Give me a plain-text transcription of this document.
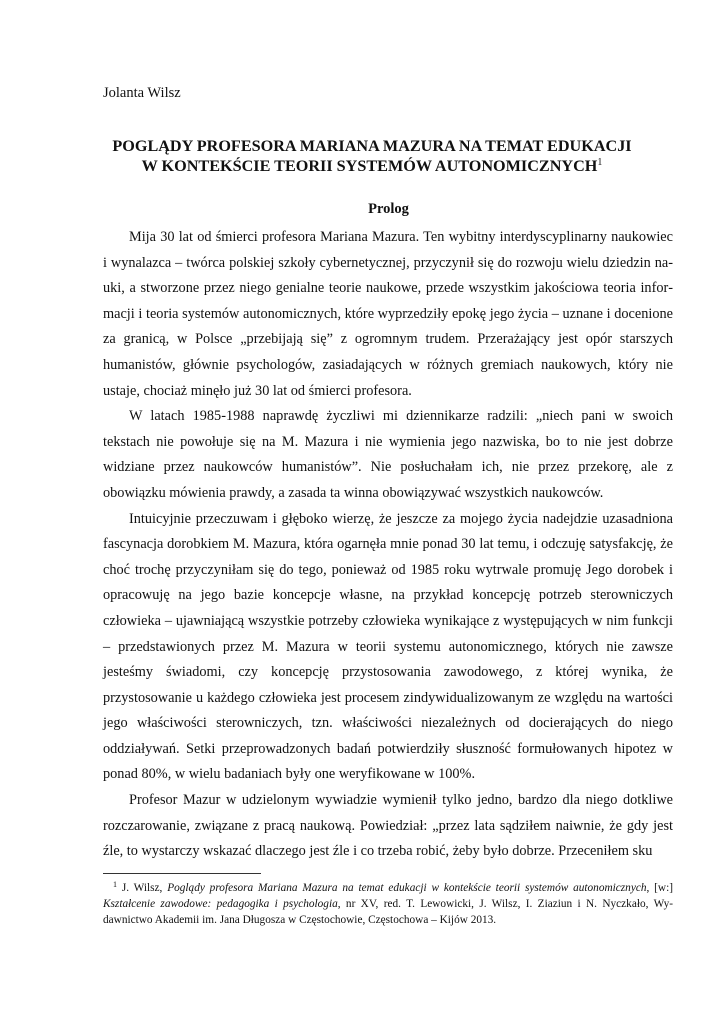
Jolanta Wilsz

POGLĄDY PROFESORA MARIANA MAZURA NA TEMAT EDUKACJI
W KONTEKŚCIE TEORII SYSTEMÓW AUTONOMICZNYCH$^1$
Prolog

Mija 30 lat od śmierci profesora Mariana Mazura. Ten wybitny interdyscyplinarny naukowiec i wynalazca – twórca polskiej szkoły cybernetycznej, przyczynił się do rozwoju wielu dziedzin nauki, a stworzone przez niego genialne teorie naukowe, przede wszystkim jakościowa teoria informacji i teoria systemów autonomicznych, które wyprzedziły epokę jego życia – uznane i docenione za granicą, w Polsce „przebijają się” z ogromnym trudem. Przerażający jest opór starszych humanistów, głównie psychologów, zasiadających w różnych gremiach naukowych, który nie ustaje, chociaż minęło już 30 lat od śmierci profesora.

W latach 1985-1988 naprawdę życzliwi mi dziennikarze radzili: „niech pani w swoich tekstach nie powołuje się na M. Mazura i nie wymienia jego nazwiska, bo to nie jest dobrze widziane przez naukowców humanistów”. Nie posłuchałam ich, nie przez przekorę, ale z obowiązku mówienia prawdy, a zasada ta winna obowiązywać wszystkich naukowców.

Intuicyjnie przeczuwam i głęboko wierzę, że jeszcze za mojego życia nadejdzie uzasadniona fascynacja dorobkiem M. Mazura, która ogarnęła mnie ponad 30 lat temu, i odczuję satysfakcję, że choć trochę przyczyniłam się do tego, ponieważ od 1985 roku wytrwale promuję Jego dorobek i opracowuję na jego bazie koncepcje własne, na przykład koncepcję potrzeb sterowniczych człowieka – ujawniającą wszystkie potrzeby człowieka wynikające z występujących w nim funkcji – przedstawionych przez M. Mazura w teorii systemu autonomicznego, których nie zawsze jesteśmy świadomi, czy koncepcję przystosowania zawodowego, z której wynika, że przystosowanie u każdego człowieka jest procesem zindywidualizowanym ze względu na wartości jego właściwości sterowniczych, tzn. właściwości niezależnych od docierających do niego oddziaływań. Setki przeprowadzonych badań potwierdziły słuszność formułowanych hipotez w ponad 80%, w wielu badaniach były one weryfikowane w 100%.

Profesor Mazur w udzielonym wywiadzie wymienił tylko jedno, bardzo dla niego dotkliwe rozczarowanie, związane z pracą naukową. Powiedział: „przez lata sądziłem naiwnie, że gdy jest źle, to wystarczy wskazać dlaczego jest źle i co trzeba robić, żeby było dobrze. Przeceniłem sku

$^1$ J. Wilsz, Poglądy profesora Mariana Mazura na temat edukacji w kontekście teorii systemów autonomicznych, [w:] Kształcenie zawodowe: pedagogika i psychologia, nr XV, red. T. Lewowicki, J. Wilsz, I. Ziaziun i N. Nyczkało, Wydawnictwo Akademii im. Jana Długosza w Częstochowie, Częstochowa – Kijów 2013.
